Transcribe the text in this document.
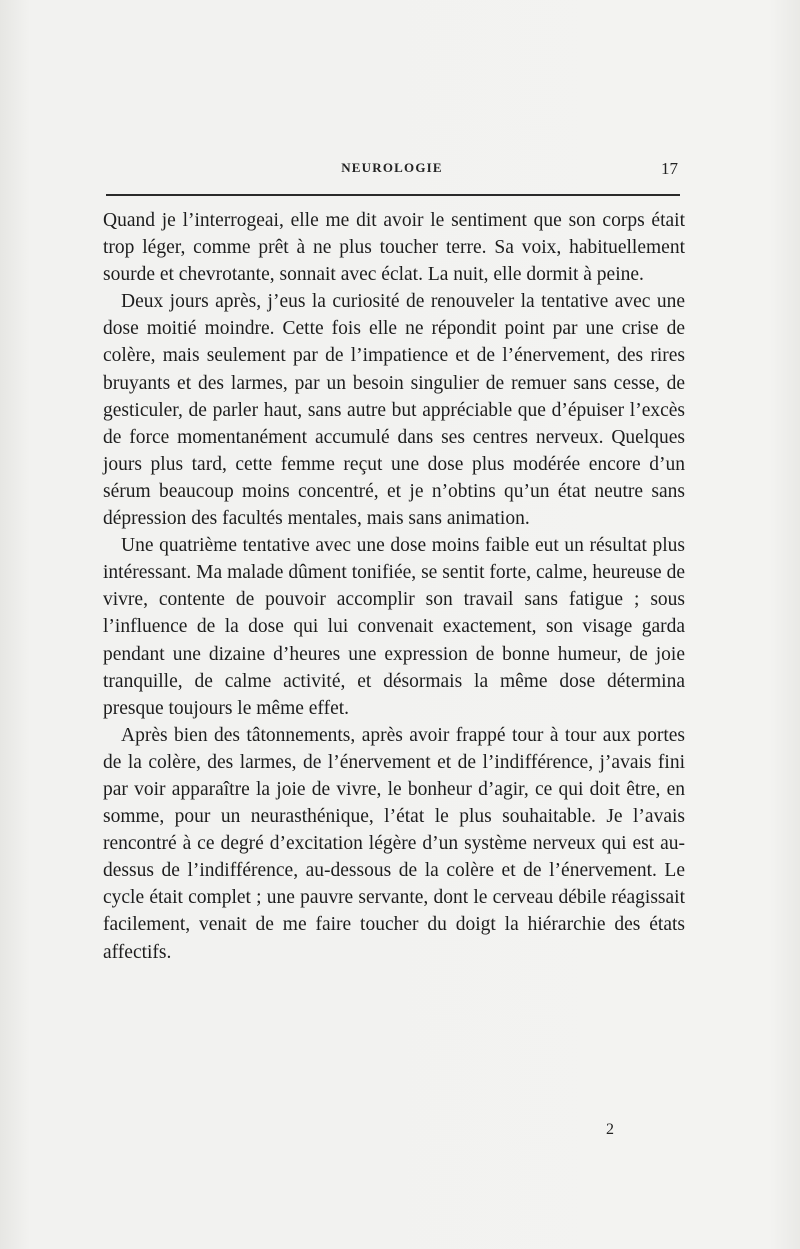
NEUROLOGIE	17

Quand je l’interrogeai, elle me dit avoir le sentiment que son corps était trop léger, comme prêt à ne plus toucher terre. Sa voix, habituellement sourde et chevrotante, sonnait avec éclat. La nuit, elle dormit à peine.

Deux jours après, j’eus la curiosité de renouveler la tentative avec une dose moitié moindre. Cette fois elle ne répondit point par une crise de colère, mais seulement par de l’impatience et de l’énervement, des rires bruyants et des larmes, par un besoin singulier de remuer sans cesse, de gesticuler, de parler haut, sans autre but appréciable que d’épuiser l’excès de force momentanément accumulé dans ses centres nerveux. Quelques jours plus tard, cette femme reçut une dose plus modérée encore d’un sérum beaucoup moins concentré, et je n’obtins qu’un état neutre sans dépression des facultés mentales, mais sans animation.

Une quatrième tentative avec une dose moins faible eut un résultat plus intéressant. Ma malade dûment tonifiée, se sentit forte, calme, heureuse de vivre, contente de pouvoir accomplir son travail sans fatigue ; sous l’influence de la dose qui lui convenait exactement, son visage garda pendant une dizaine d’heures une expression de bonne humeur, de joie tranquille, de calme activité, et désormais la même dose détermina presque toujours le même effet.

Après bien des tâtonnements, après avoir frappé tour à tour aux portes de la colère, des larmes, de l’énervement et de l’indifférence, j’avais fini par voir apparaître la joie de vivre, le bonheur d’agir, ce qui doit être, en somme, pour un neurasthénique, l’état le plus souhaitable. Je l’avais rencontré à ce degré d’excitation légère d’un système nerveux qui est au-dessus de l’indifférence, au-dessous de la colère et de l’énervement. Le cycle était complet ; une pauvre servante, dont le cerveau débile réagissait facilement, venait de me faire toucher du doigt la hiérarchie des états affectifs.

2
